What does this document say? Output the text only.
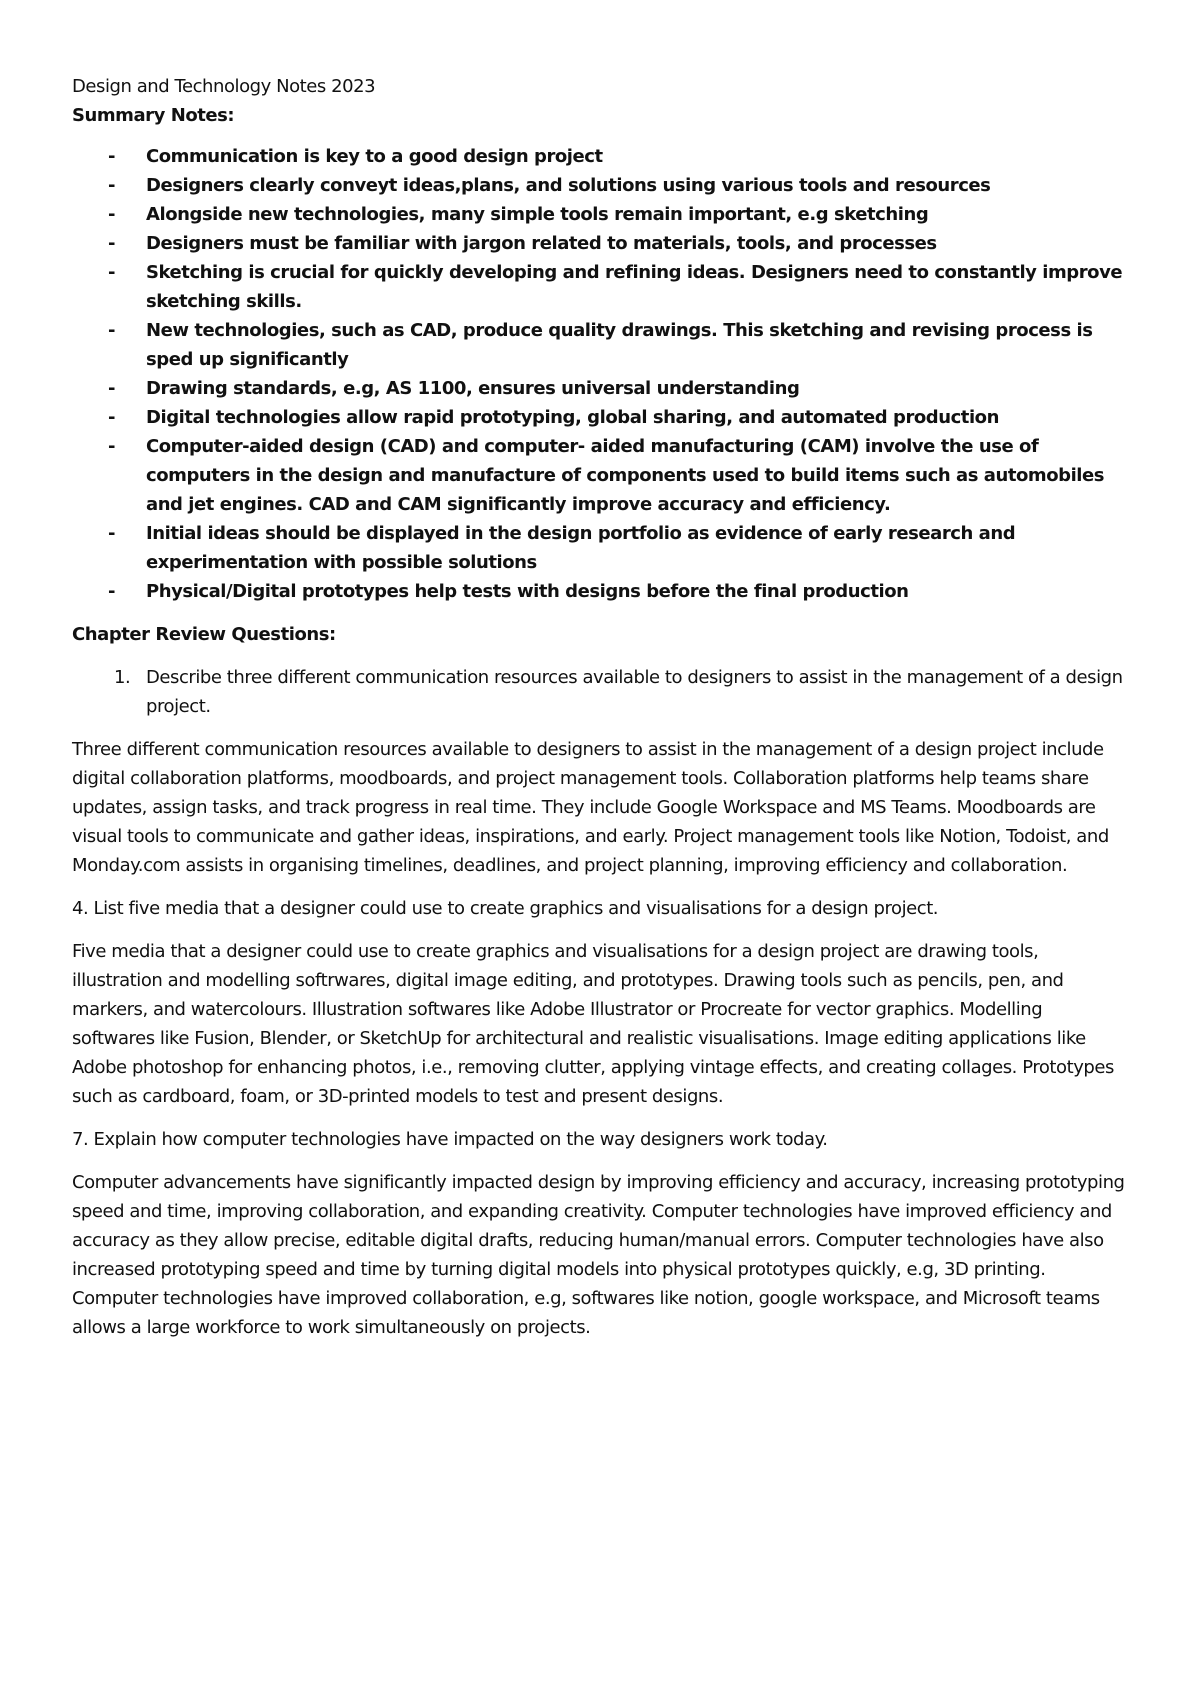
Design and Technology Notes 2023

Summary Notes:

- Communication is key to a good design project
- Designers clearly conveyt ideas,plans, and solutions using various tools and resources
- Alongside new technologies, many simple tools remain important, e.g sketching
- Designers must be familiar with jargon related to materials, tools, and processes
- Sketching is crucial for quickly developing and refining ideas. Designers need to constantly improve sketching skills.
- New technologies, such as CAD, produce quality drawings. This sketching and revising process is sped up significantly
- Drawing standards, e.g, AS 1100, ensures universal understanding
- Digital technologies allow rapid prototyping, global sharing, and automated production
- Computer-aided design (CAD) and computer- aided manufacturing (CAM) involve the use of computers in the design and manufacture of components used to build items such as automobiles and jet engines. CAD and CAM significantly improve accuracy and efficiency.
- Initial ideas should be displayed in the design portfolio as evidence of early research and experimentation with possible solutions
- Physical/Digital prototypes help tests with designs before the final production

Chapter Review Questions:

1. Describe three different communication resources available to designers to assist in the management of a design project.

Three different communication resources available to designers to assist in the management of a design project include digital collaboration platforms, moodboards, and project management tools. Collaboration platforms help teams share updates, assign tasks, and track progress in real time. They include Google Workspace and MS Teams. Moodboards are visual tools to communicate and gather ideas, inspirations, and early. Project management tools like Notion, Todoist, and Monday.com assists in organising timelines, deadlines, and project planning, improving efficiency and collaboration.

4. List five media that a designer could use to create graphics and visualisations for a design project.

Five media that a designer could use to create graphics and visualisations for a design project are drawing tools, illustration and modelling softrwares, digital image editing, and prototypes. Drawing tools such as pencils, pen, and markers, and watercolours. Illustration softwares like Adobe Illustrator or Procreate for vector graphics. Modelling softwares like Fusion, Blender, or SketchUp for architectural and realistic visualisations. Image editing applications like Adobe photoshop for enhancing photos, i.e., removing clutter, applying vintage effects, and creating collages. Prototypes such as cardboard, foam, or 3D-printed models to test and present designs.

7. Explain how computer technologies have impacted on the way designers work today.

Computer advancements have significantly impacted design by improving efficiency and accuracy, increasing prototyping speed and time, improving collaboration, and expanding creativity. Computer technologies have improved efficiency and accuracy as they allow precise, editable digital drafts, reducing human/manual errors. Computer technologies have also increased prototyping speed and time by turning digital models into physical prototypes quickly, e.g, 3D printing. Computer technologies have improved collaboration, e.g, softwares like notion, google workspace, and Microsoft teams allows a large workforce to work simultaneously on projects.
